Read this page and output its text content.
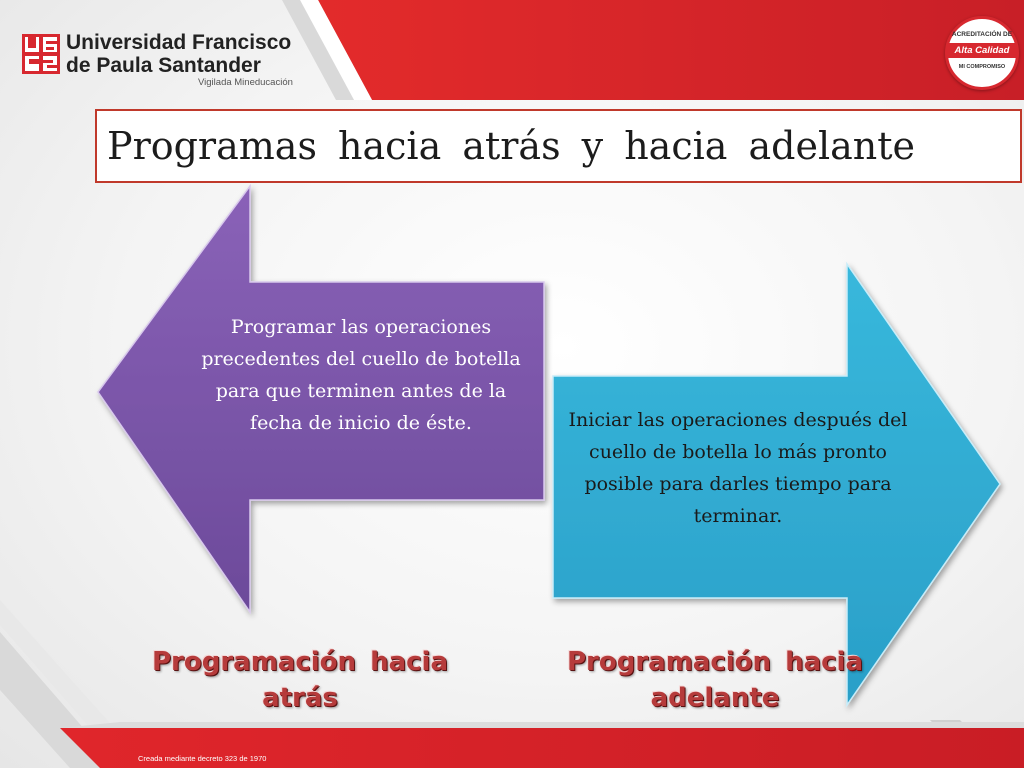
Universidad Francisco
de Paula Santander
Vigilada Mineducación
ACREDITACIÓN DE
Alta Calidad
MI COMPROMISO
Programas hacia atrás y hacia adelante
Programar las operaciones precedentes del cuello de botella para que terminen antes de la fecha de inicio de éste.	Iniciar las operaciones después del cuello de botella lo más pronto posible para darles tiempo para terminar.
Programación hacia atrás
Programación hacia adelante
Creada mediante decreto 323 de 1970
